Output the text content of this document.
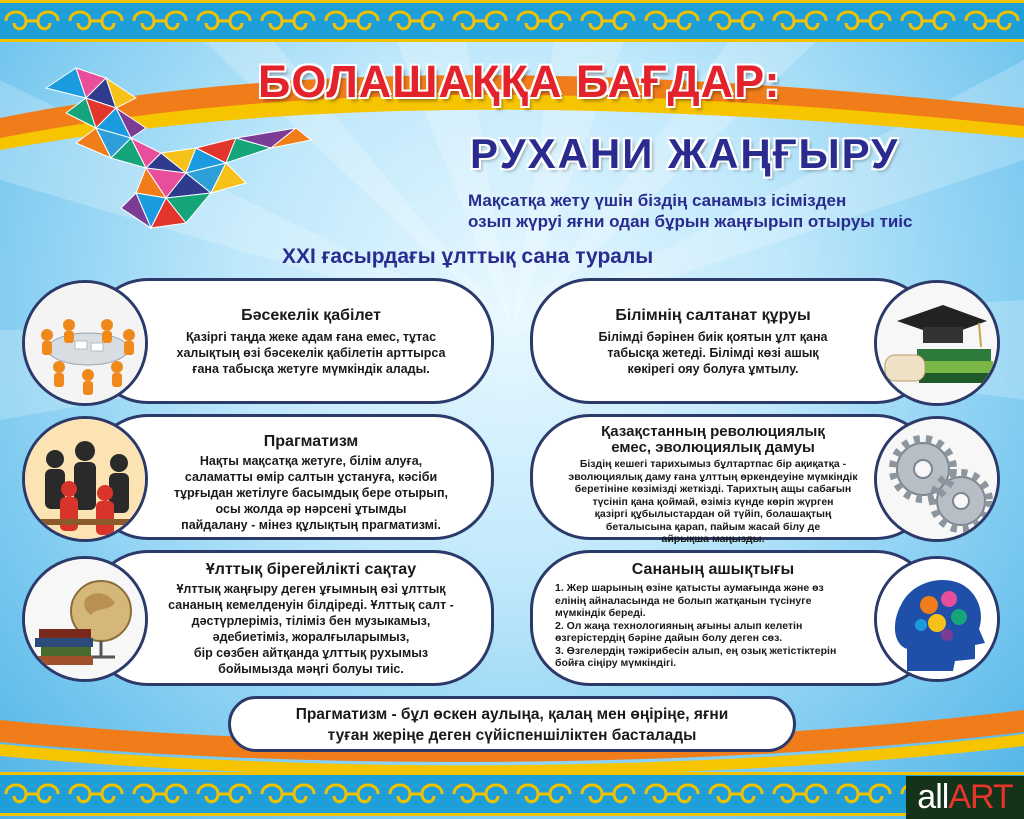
БОЛАШАҚҚА БАҒДАР:
РУХАНИ ЖАҢҒЫРУ
Мақсатқа жету үшін біздің санамыз ісімізден
озып жүруі яғни одан бұрын жаңғырып отыруы тиіс
XXI ғасырдағы ұлттық сана туралы
Бәсекелік қабілет
Қазіргі таңда жеке адам ғана емес, тұтас
халықтың өзі бәсекелік қабілетін арттырса
ғана табысқа жетуге мүмкіндік алады.
Прагматизм
Нақты мақсатқа жетуге, білім алуға,
саламатты өмір салтын ұстануға, кәсіби
тұрғыдан жетілуге басымдық бере отырып,
осы жолда әр нәрсені ұтымды
пайдалану - мінез құлықтың прагматизмі.
Ұлттық бірегейлікті сақтау
Ұлттық жаңғыру деген ұғымның өзі ұлттық
сананың кемелденуін білдіреді. Ұлттық салт -
дәстүрлеріміз, тіліміз бен музыкамыз,
әдебиетіміз, жоралғыларымыз,
бір сөзбен айтқанда ұлттық рухымыз
бойымызда мәңгі болуы тиіс.
Білімнің салтанат құруы
Білімді бәрінен биік қоятын ұлт қана
табысқа жетеді. Білімді көзі ашық
көкірегі ояу болуға ұмтылу.
Қазақстанның революциялық
емес, эволюциялық дамуы
Біздің кешегі тарихымыз бұлтартпас бір ақиқатқа -
эволюциялық даму ғана ұлттың өркендеуіне мүмкіндік
беретініне көзімізді жеткізді. Тарихтың ащы сабағын
түсініп қана қоймай, өзіміз күнде көріп жүрген
қазіргі құбылыстардан ой түйіп, болашақтың
беталысына қарап, пайым жасай білу де
айрықша маңызды.
Сананың ашықтығы
1. Жер шарының өзіне қатысты аумағында және өз
елінің айналасында не болып жатқанын түсінуге
мүмкіндік береді.
2. Ол жаңа технологияның ағыны алып келетін
өзгерістердің бәріне дайын болу деген сөз.
3. Өзгелердің тәжірибесін алып, ең озық жетістіктерін
бойға сіңіру мүмкіндігі.
Прагматизм - бұл өскен аулыңа, қалаң мен өңіріңе, яғни
туған жеріңе деген сүйіспеншіліктен басталады
allART
